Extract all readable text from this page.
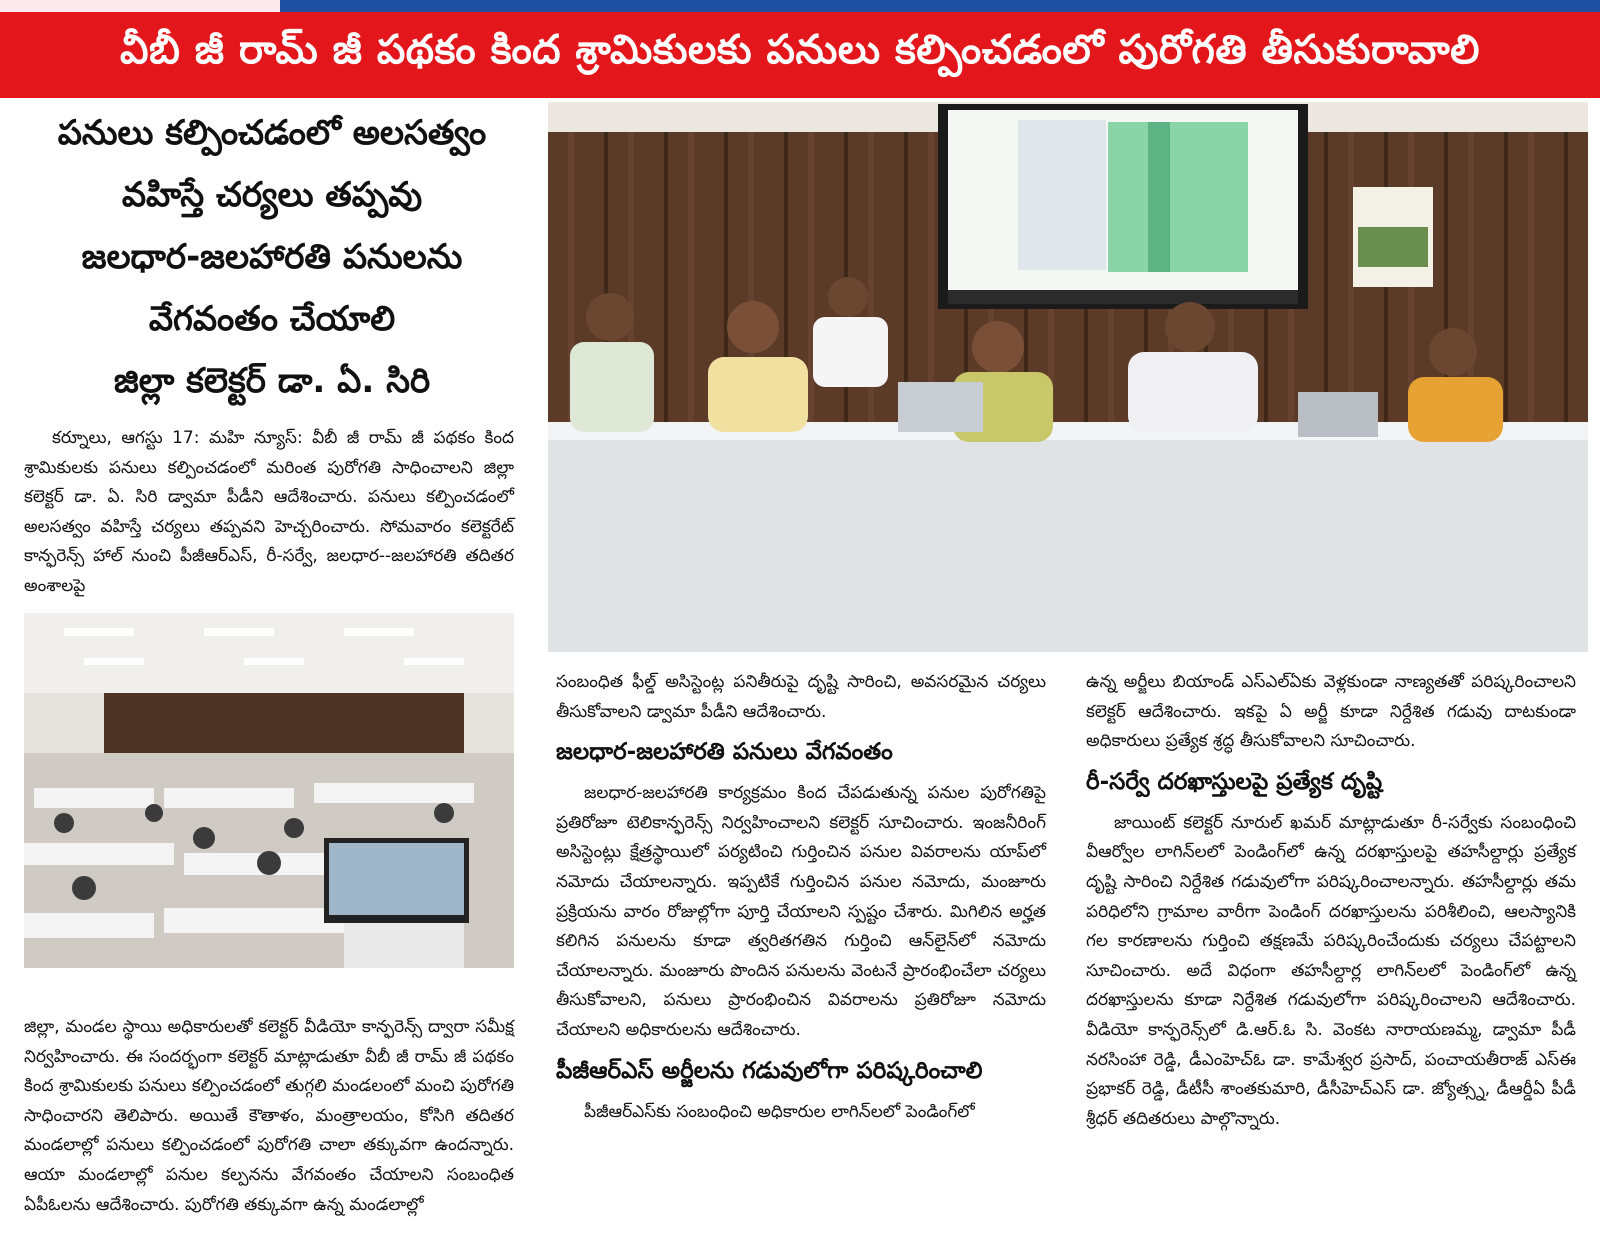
వీబీ జీ రామ్ జీ పథకం కింద శ్రామికులకు పనులు కల్పించడంలో పురోగతి తీసుకురావాలి
పనులు కల్పించడంలో అలసత్వం
వహిస్తే చర్యలు తప్పవు
జలధార-జలహారతి పనులను
వేగవంతం చేయాలి
జిల్లా కలెక్టర్ డా. ఏ. సిరి

కర్నూలు, ఆగస్టు 17: మహి న్యూస్: వీబీ జీ రామ్ జీ పథకం కింద శ్రామికులకు పనులు కల్పించడంలో మరింత పురోగతి సాధించాలని జిల్లా కలెక్టర్ డా. ఏ. సిరి డ్వామా పీడీని ఆదేశించారు. పనులు కల్పించడంలో అలసత్వం వహిస్తే చర్యలు తప్పవని హెచ్చరించారు. సోమవారం కలెక్టరేట్ కాన్ఫరెన్స్ హాల్ నుంచి పీజీఆర్ఎస్, రీ-సర్వే, జలధార--జలహారతి తదితర అంశాలపై

జిల్లా, మండల స్థాయి అధికారులతో కలెక్టర్ వీడియో కాన్ఫరెన్స్ ద్వారా సమీక్ష నిర్వహించారు. ఈ సందర్భంగా కలెక్టర్ మాట్లాడుతూ వీబీ జీ రామ్ జీ పథకం కింద శ్రామికులకు పనులు కల్పించడంలో తుగ్గలి మండలంలో మంచి పురోగతి సాధించారని తెలిపారు. అయితే కౌతాళం, మంత్రాలయం, కోసిగి తదితర మండలాల్లో పనులు కల్పించడంలో పురోగతి చాలా తక్కువగా ఉందన్నారు. ఆయా మండలాల్లో పనుల కల్పనను వేగవంతం చేయాలని సంబంధిత ఏపీఓలను ఆదేశించారు. పురోగతి తక్కువగా ఉన్న మండలాల్లో

సంబంధిత ఫీల్డ్ అసిస్టెంట్ల పనితీరుపై దృష్టి సారించి, అవసరమైన చర్యలు తీసుకోవాలని డ్వామా పీడీని ఆదేశించారు.

జలధార-జలహారతి పనులు వేగవంతం

జలధార-జలహారతి కార్యక్రమం కింద చేపడుతున్న పనుల పురోగతిపై ప్రతిరోజూ టెలికాన్ఫరెన్స్ నిర్వహించాలని కలెక్టర్ సూచించారు. ఇంజనీరింగ్ అసిస్టెంట్లు క్షేత్రస్థాయిలో పర్యటించి గుర్తించిన పనుల వివరాలను యాప్‌లో నమోదు చేయాలన్నారు. ఇప్పటికే గుర్తించిన పనుల నమోదు, మంజూరు ప్రక్రియను వారం రోజుల్లోగా పూర్తి చేయాలని స్పష్టం చేశారు. మిగిలిన అర్హత కలిగిన పనులను కూడా త్వరితగతిన గుర్తించి ఆన్‌లైన్‌లో నమోదు చేయాలన్నారు. మంజూరు పొందిన పనులను వెంటనే ప్రారంభించేలా చర్యలు తీసుకోవాలని, పనులు ప్రారంభించిన వివరాలను ప్రతిరోజూ నమోదు చేయాలని అధికారులను ఆదేశించారు.

పీజీఆర్ఎస్ అర్జీలను గడువులోగా పరిష్కరించాలి

పీజీఆర్ఎస్‌కు సంబంధించి అధికారుల లాగిన్‌లలో పెండింగ్‌లో

ఉన్న అర్జీలు బియాండ్ ఎస్ఎల్ఏకు వెళ్లకుండా నాణ్యతతో పరిష్కరించాలని కలెక్టర్ ఆదేశించారు. ఇకపై ఏ అర్జీ కూడా నిర్దేశిత గడువు దాటకుండా అధికారులు ప్రత్యేక శ్రద్ధ తీసుకోవాలని సూచించారు.

రీ-సర్వే దరఖాస్తులపై ప్రత్యేక దృష్టి

జాయింట్ కలెక్టర్ నూరుల్ ఖమర్ మాట్లాడుతూ రీ-సర్వేకు సంబంధించి వీఆర్వోల లాగిన్‌లలో పెండింగ్‌లో ఉన్న దరఖాస్తులపై తహసీల్దార్లు ప్రత్యేక దృష్టి సారించి నిర్దేశిత గడువులోగా పరిష్కరించాలన్నారు. తహసీల్దార్లు తమ పరిధిలోని గ్రామాల వారీగా పెండింగ్ దరఖాస్తులను పరిశీలించి, ఆలస్యానికి గల కారణాలను గుర్తించి తక్షణమే పరిష్కరించేందుకు చర్యలు చేపట్టాలని సూచించారు. అదే విధంగా తహసీల్దార్ల లాగిన్‌లలో పెండింగ్‌లో ఉన్న దరఖాస్తులను కూడా నిర్దేశిత గడువులోగా పరిష్కరించాలని ఆదేశించారు. వీడియో కాన్ఫరెన్స్‌లో డి.ఆర్.ఓ సి. వెంకట నారాయణమ్మ, డ్వామా పీడీ నరసింహా రెడ్డి, డీఎంహెచ్ఓ డా. కామేశ్వర ప్రసాద్, పంచాయతీరాజ్ ఎస్ఈ ప్రభాకర్ రెడ్డి, డీటీసీ శాంతకుమారి, డీసీహెచ్ఎస్ డా. జ్యోత్స్న, డీఆర్డీఏ పీడీ శ్రీధర్ తదితరులు పాల్గొన్నారు.
